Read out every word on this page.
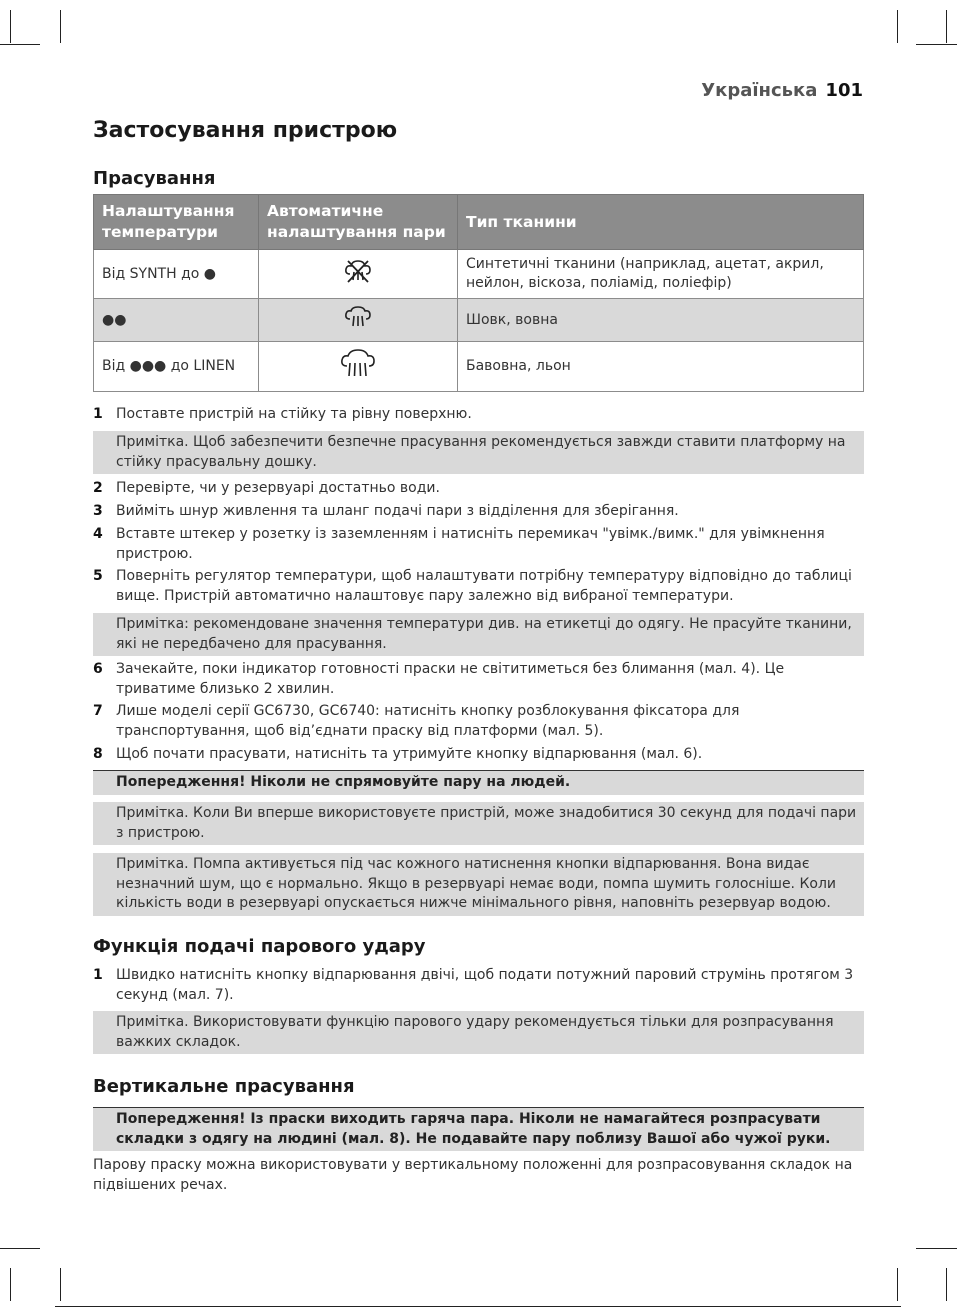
Українська 101
Застосування пристрою
Прасування
Налаштування температури	Автоматичне налаштування пари	Тип тканини
Від SYNTH до ●		Синтетичні тканини (наприклад, ацетат, акрил, нейлон, віскоза, поліамід, поліефір)
●●		Шовк, вовна
Від ●●● до LINEN		Бавовна, льон
1 Поставте пристрій на стійку та рівну поверхню.
Примітка. Щоб забезпечити безпечне прасування рекомендується завжди ставити платформу на стійку прасувальну дошку.
2 Перевірте, чи у резервуарі достатньо води.
3 Вийміть шнур живлення та шланг подачі пари з відділення для зберігання.
4 Вставте штекер у розетку із заземленням і натисніть перемикач "увімк./вимк." для увімкнення пристрою.
5 Поверніть регулятор температури, щоб налаштувати потрібну температуру відповідно до таблиці вище. Пристрій автоматично налаштовує пару залежно від вибраної температури.
Примітка: рекомендоване значення температури див. на етикетці до одягу. Не прасуйте тканини, які не передбачено для прасування.
6 Зачекайте, поки індикатор готовності праски не світитиметься без блимання (мал. 4). Це триватиме близько 2 хвилин.
7 Лише моделі серії GC6730, GC6740: натисніть кнопку розблокування фіксатора для транспортування, щоб від’єднати праску від платформи (мал. 5).
8 Щоб почати прасувати, натисніть та утримуйте кнопку відпарювання (мал. 6).
Попередження! Ніколи не спрямовуйте пару на людей.
Примітка. Коли Ви вперше використовуєте пристрій, може знадобитися 30 секунд для подачі пари з пристрою.
Примітка. Помпа активується під час кожного натиснення кнопки відпарювання. Вона видає незначний шум, що є нормально. Якщо в резервуарі немає води, помпа шумить голосніше. Коли кількість води в резервуарі опускається нижче мінімального рівня, наповніть резервуар водою.
Функція подачі парового удару
1 Швидко натисніть кнопку відпарювання двічі, щоб подати потужний паровий струмінь протягом 3 секунд (мал. 7).
Примітка. Використовувати функцію парового удару рекомендується тільки для розпрасування важких складок.
Вертикальне прасування
Попередження! Із праски виходить гаряча пара. Ніколи не намагайтеся розпрасувати складки з одягу на людині (мал. 8). Не подавайте пару поблизу Вашої або чужої руки.
Парову праску можна використовувати у вертикальному положенні для розпрасовування складок на підвішених речах.
